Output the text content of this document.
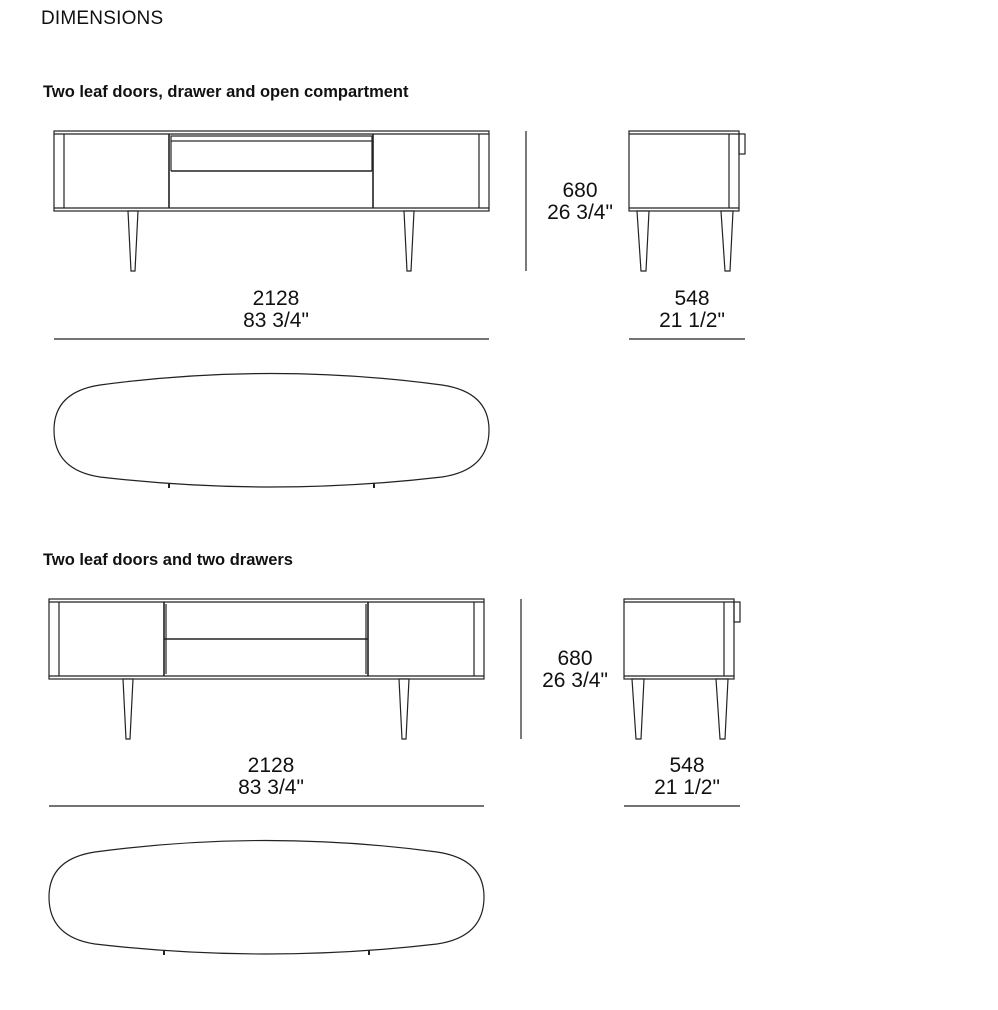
DIMENSIONS
Two leaf doors, drawer and open compartment
680
26 3/4"
2128
83 3/4"
548
21 1/2"
Two leaf doors and two drawers
680
26 3/4"
2128
83 3/4"
548
21 1/2"
